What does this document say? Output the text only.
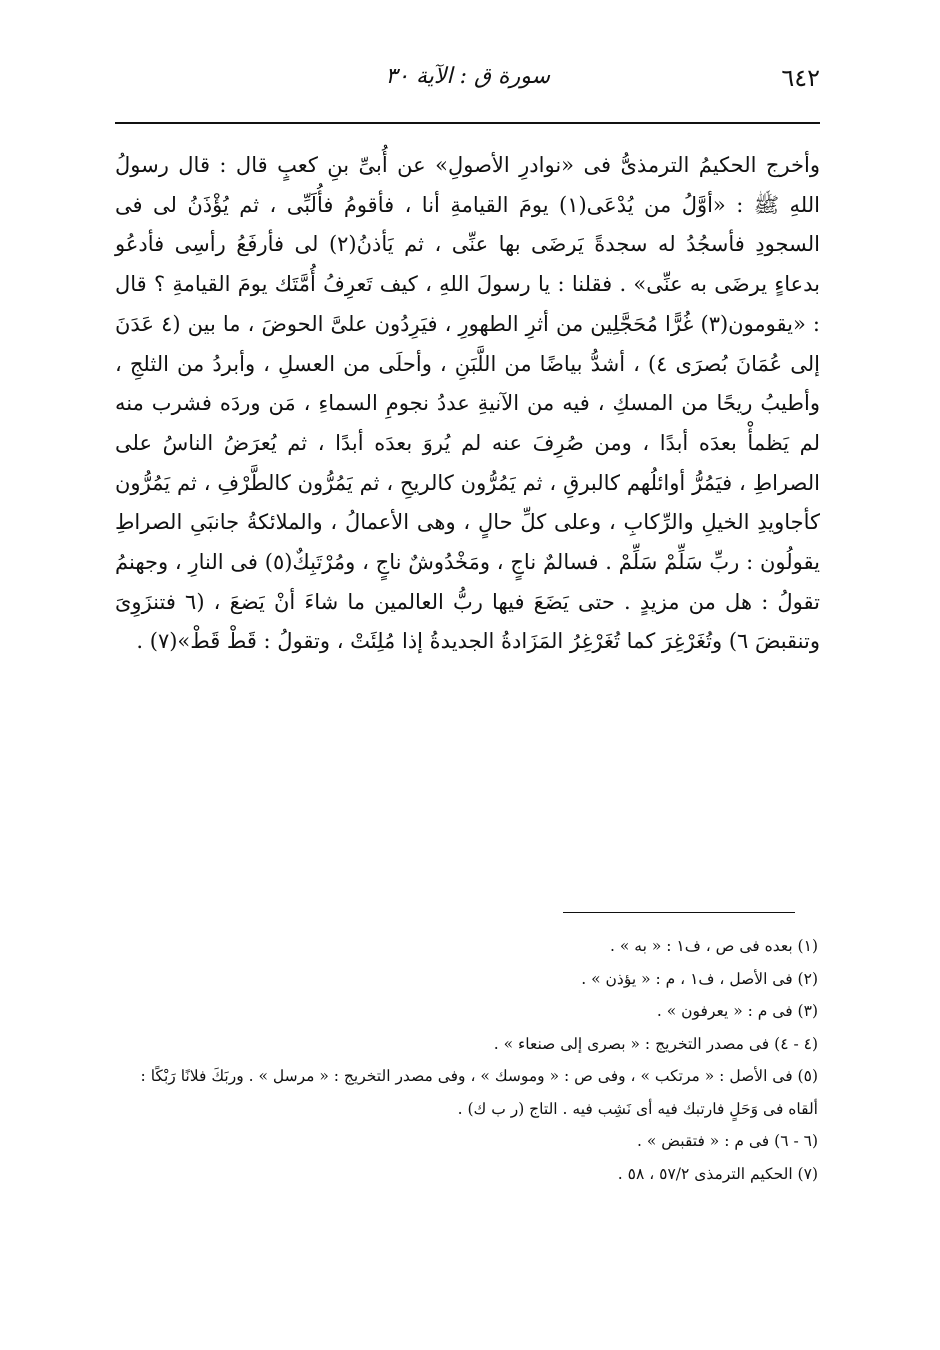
٦٤٢
سورة ق : الآية ٣٠

وأخرج الحكيمُ الترمذىُّ فى «نوادرِ الأصولِ» عن أُبىِّ بنِ كعبٍ قال : قال رسولُ اللهِ ﷺ : «أوَّلُ من يُدْعَى(١) يومَ القيامةِ أنا ، فأقومُ فأُلَبِّى ، ثم يُؤْذَنُ لى فى السجودِ فأسجُدُ له سجدةً يَرضَى بها عنِّى ، ثم يَأذنُ(٢) لى فأرفَعُ رأسِى فأدعُو بدعاءٍ يرضَى به عنِّى» . فقلنا : يا رسولَ اللهِ ، كيف تَعرِفُ أُمَّتَك يومَ القيامةِ ؟ قال : «يقومون(٣) غُرًّا مُحَجَّلِين من أثرِ الطهورِ ، فيَرِدُون علىَّ الحوضَ ، ما بين (٤ عَدَنَ إلى عُمَانَ بُصرَى ٤) ، أشدُّ بياضًا من اللَّبَنِ ، وأحلَى من العسلِ ، وأبردُ من الثلجِ ، وأطيبُ ريحًا من المسكِ ، فيه من الآنيةِ عددُ نجومِ السماءِ ، مَن وردَه فشرب منه لم يَظمأْ بعدَه أبدًا ، ومن صُرِفَ عنه لم يُروَ بعدَه أبدًا ، ثم يُعرَضُ الناسُ على الصراطِ ، فيَمُرُّ أوائلُهم كالبرقِ ، ثم يَمُرُّون كالريحِ ، ثم يَمُرُّون كالطَّرْفِ ، ثم يَمُرُّون كأجاويدِ الخيلِ والرِّكابِ ، وعلى كلِّ حالٍ ، وهى الأعمالُ ، والملائكةُ جانبَىِ الصراطِ يقولُون : ربِّ سَلِّمْ سَلِّمْ . فسالمٌ ناجٍ ، ومَخْدُوشٌ ناجٍ ، ومُرْتَبِكٌ(٥) فى النارِ ، وجهنمُ تقولُ : هل من مزيدٍ . حتى يَضَعَ فيها ربُّ العالمين ما شاءَ أنْ يَضعَ ، (٦ فتنزَوِىَ وتنقبضَ ٦) وتُغَرْغِرَ كما تُغَرْغِرُ المَزَادةُ الجديدةُ إذا مُلِئَتْ ، وتقولُ : قَطْ قَطْ»(٧) .

(١) بعده فى ص ، ف١ : « به » .

(٢) فى الأصل ، ف١ ، م : « يؤذن » .

(٣) فى م : « يعرفون » .

(٤ - ٤) فى مصدر التخريج : « بصرى إلى صنعاء » .

(٥) فى الأصل : « مرتكب » ، وفى ص : « وموسك » ، وفى مصدر التخريج : « مرسل » . وربَكَ فلانًا رَبْكًا : ألقاه فى وَحَلٍ فارتبك فيه أى نَشِب فيه . التاج (ر ب ك) .

(٦ - ٦) فى م : « فتقبض » .

(٧) الحكيم الترمذى ٥٧/٢ ، ٥٨ .
